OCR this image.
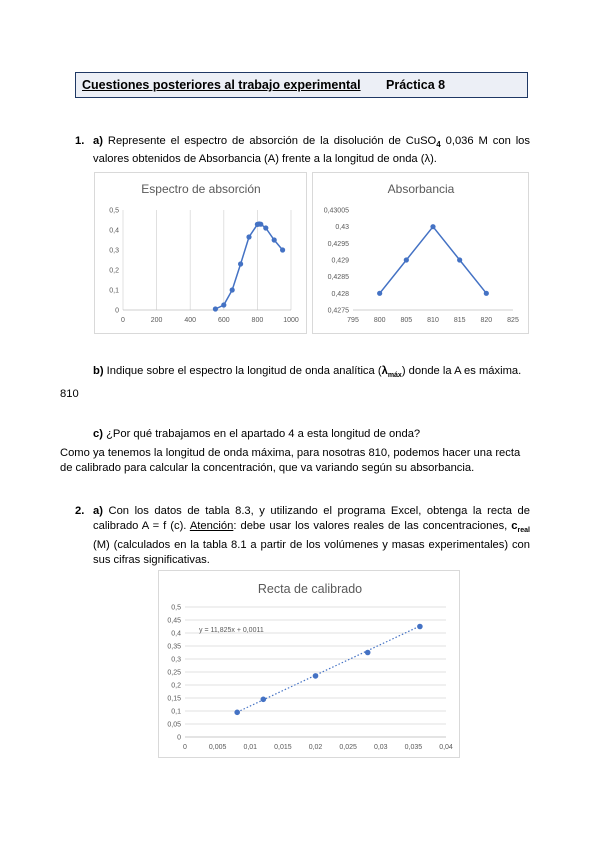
Cuestiones posteriores al trabajo experimental Práctica 8
1. a) Represente el espectro de absorción de la disolución de CuSO$_4$ 0,036 M con los valores obtenidos de Absorbancia (A) frente a la longitud de onda (λ).
Espectro de absorción
0
0,1
0,2
0,3
0,4
0,5
0	200	400	600	800	1000
Absorbancia
0,4275
0,428
0,4285
0,429
0,4295
0,43
0,43005
795 800 805 810 815 820 825
b) Indique sobre el espectro la longitud de onda analítica $(\lambda_{máx})$ donde la A es máxima.
810
c) ¿Por qué trabajamos en el apartado 4 a esta longitud de onda?
Como ya tenemos la longitud de onda máxima, para nosotras 810, podemos hacer una recta de calibrado para calcular la concentración, que va variando según su absorbancia.
2. a) Con los datos de tabla 8.3, y utilizando el programa Excel, obtenga la recta de calibrado A = f (c). Atención: debe usar los valores reales de las concentraciones, $c_{real}$ (M) (calculados en la tabla 8.1 a partir de los volúmenes y masas experimentales) con sus cifras significativas.
Recta de calibrado
0
0,05
0,1
0,15
0,2
0,25
0,3
0,35
0,4
0,45
0,5
0	0,005 0,01 0,015 0,02 0,025 0,03 0,035 0,04
y = 11,825x + 0,0011
